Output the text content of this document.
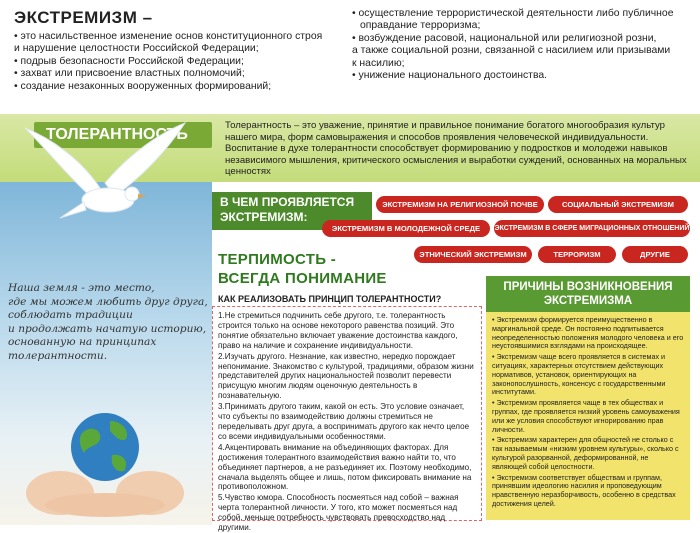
ЭКСТРЕМИЗМ –
• это насильственное изменение основ конституционного строя
и нарушение целостности Российской Федерации;
• подрыв безопасности Российской Федерации;
• захват или присвоение властных полномочий;
• создание незаконных вооруженных формирований;
• осуществление террористической деятельности либо публичное
оправдание терроризма;
• возбуждение расовой, национальной или религиозной розни,
а также социальной розни, связанной с насилием или призывами
к насилию;
• унижение национального достоинства.
ТОЛЕРАНТНОСТЬ
Толерантность – это уважение, принятие и правильное понимание богатого многообразия культур нашего мира, форм самовыражения и способов проявления человеческой индивидуальности. Воспитание в духе толерантности способствует формированию у подростков и молодежи навыков независимого мышления, критического осмысления и выработки суждений, основанных на моральных ценностях
Наша земля - это место,
где мы можем любить друг друга,
соблюдать традиции
и продолжать начатую историю,
основанную на принципах
толерантности.
В ЧЕМ ПРОЯВЛЯЕТСЯ
ЭКСТРЕМИЗМ:
ЭКСТРЕМИЗМ НА РЕЛИГИОЗНОЙ ПОЧВЕ	СОЦИАЛЬНЫЙ ЭКСТРЕМИЗМ
ЭКСТРЕМИЗМ В МОЛОДЕЖНОЙ СРЕДЕ	ЭКСТРЕМИЗМ В СФЕРЕ МИГРАЦИОННЫХ ОТНОШЕНИЙ
ЭТНИЧЕСКИЙ ЭКСТРЕМИЗМ	ТЕРРОРИЗМ	ДРУГИЕ
ТЕРПИМОСТЬ -
ВСЕГДА ПОНИМАНИЕ
КАК РЕАЛИЗОВАТЬ ПРИНЦИП ТОЛЕРАНТНОСТИ?
1.Не стремиться подчинить себе другого, т.е. толерантность строится только на основе некоторого равенства позиций. Это понятие обязательно включает уважение достоинства каждого, право на наличие и сохранение индивидуальности.
2.Изучать другого. Незнание, как известно, нередко порождает непонимание. Знакомство с культурой, традициями, образом жизни представителей других национальностей позволит перевести присущую многим людям оценочную деятельность в познавательную.
3.Принимать другого таким, какой он есть. Это условие означает, что субъекты по взаимодействию должны стремиться не переделывать друг друга, а воспринимать другого как нечто целое со всеми индивидуальными особенностями.
4.Акцентировать внимание на объединяющих факторах. Для достижения толерантного взаимодействия важно найти то, что объединяет партнеров, а не разъединяет их. Поэтому необходимо, сначала выделять общее и лишь, потом фиксировать внимание на противоположном.
5.Чувство юмора. Способность посмеяться над собой – важная черта толерантной личности. У того, кто может посмеяться над собой, меньше потребность чувствовать превосходство над другими.
ПРИЧИНЫ ВОЗНИКНОВЕНИЯ ЭКСТРЕМИЗМА
• Экстремизм формируется преимущественно в маргинальной среде. Он постоянно подпитывается неопределенностью положения молодого человека и его неустоявшимися взглядами на происходящее.
• Экстремизм чаще всего проявляется в системах и ситуациях, характерных отсутствием действующих нормативов, установок, ориентирующих на законопослушность, консенсус с государственными институтами.
• Экстремизм проявляется чаще в тех обществах и группах, где проявляется низкий уровень самоуважения или же условия способствуют игнорированию прав личности.
• Экстремизм характерен для общностей не столько с так называемым «низким уровнем культуры», сколько с культурой разорванной, деформированной, не являющей собой целостности.
• Экстремизм соответствует обществам и группам, принявшим идеологию насилия и проповедующим нравственную неразборчивость, особенно в средствах достижения целей.
